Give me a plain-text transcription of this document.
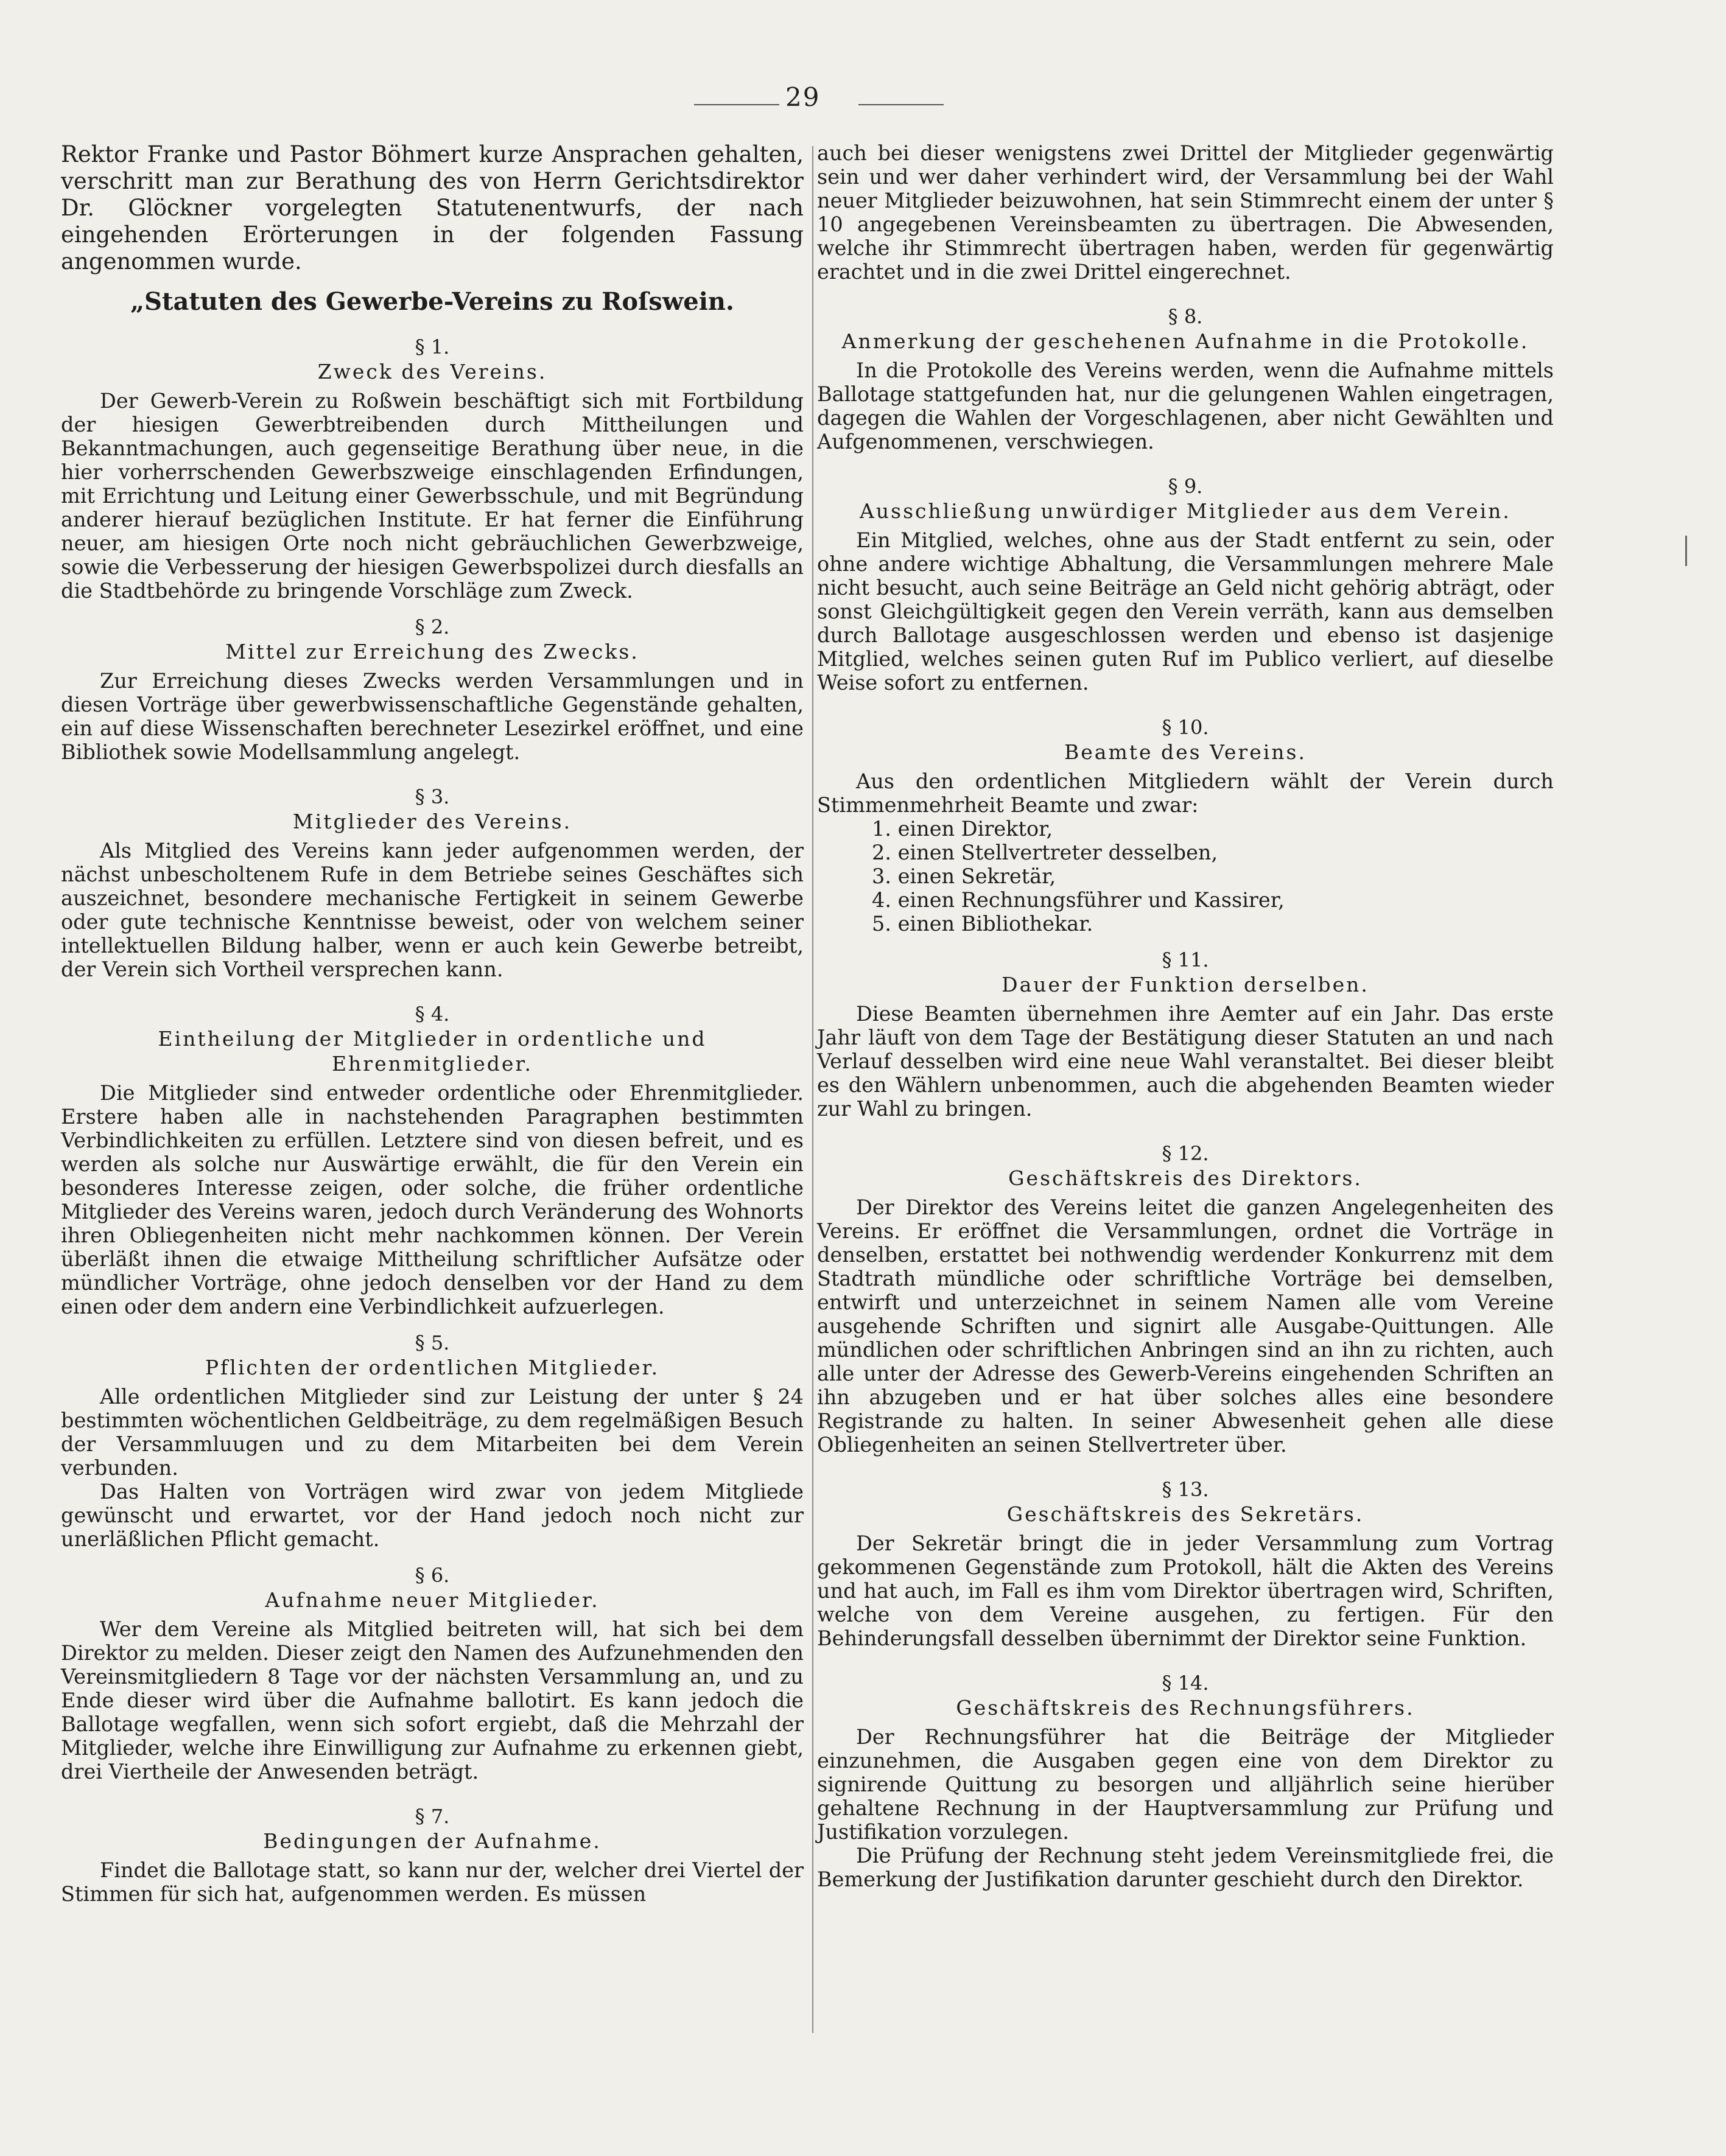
29

Rektor Franke und Pastor Böhmert kurze Ansprachen gehalten, verschritt man zur Berathung des von Herrn Gerichtsdirektor Dr. Glöckner vorgelegten Statutenentwurfs, der nach eingehenden Erörterungen in der folgenden Fassung angenommen wurde.

„Statuten des Gewerbe-Vereins zu Roſswein.
§ 1.
Zweck des Vereins.

Der Gewerb-Verein zu Roßwein beschäftigt sich mit Fortbildung der hiesigen Gewerbtreibenden durch Mittheilungen und Bekanntmachungen, auch gegenseitige Berathung über neue, in die hier vorherrschenden Gewerbszweige einschlagenden Erfindungen, mit Errichtung und Leitung einer Gewerbsschule, und mit Begründung anderer hierauf bezüglichen Institute. Er hat ferner die Einführung neuer, am hiesigen Orte noch nicht gebräuchlichen Gewerbzweige, sowie die Verbesserung der hiesigen Gewerbspolizei durch diesfalls an die Stadtbehörde zu bringende Vorschläge zum Zweck.

§ 2.
Mittel zur Erreichung des Zwecks.

Zur Erreichung dieses Zwecks werden Versammlungen und in diesen Vorträge über gewerbwissenschaftliche Gegenstände gehalten, ein auf diese Wissenschaften berechneter Lesezirkel eröffnet, und eine Bibliothek sowie Modellsammlung angelegt.

§ 3.
Mitglieder des Vereins.

Als Mitglied des Vereins kann jeder aufgenommen werden, der nächst unbescholtenem Rufe in dem Betriebe seines Geschäftes sich auszeichnet, besondere mechanische Fertigkeit in seinem Gewerbe oder gute technische Kenntnisse beweist, oder von welchem seiner intellektuellen Bildung halber, wenn er auch kein Gewerbe betreibt, der Verein sich Vortheil versprechen kann.

§ 4.
Eintheilung der Mitglieder in ordentliche und Ehrenmitglieder.

Die Mitglieder sind entweder ordentliche oder Ehrenmitglieder. Erstere haben alle in nachstehenden Paragraphen bestimmten Verbindlichkeiten zu erfüllen. Letztere sind von diesen befreit, und es werden als solche nur Auswärtige erwählt, die für den Verein ein besonderes Interesse zeigen, oder solche, die früher ordentliche Mitglieder des Vereins waren, jedoch durch Veränderung des Wohnorts ihren Obliegenheiten nicht mehr nachkommen können. Der Verein überläßt ihnen die etwaige Mittheilung schriftlicher Aufsätze oder mündlicher Vorträge, ohne jedoch denselben vor der Hand zu dem einen oder dem andern eine Verbindlichkeit aufzuerlegen.

§ 5.
Pflichten der ordentlichen Mitglieder.

Alle ordentlichen Mitglieder sind zur Leistung der unter § 24 bestimmten wöchentlichen Geldbeiträge, zu dem regelmäßigen Besuch der Versammluugen und zu dem Mitarbeiten bei dem Verein verbunden.

Das Halten von Vorträgen wird zwar von jedem Mitgliede gewünscht und erwartet, vor der Hand jedoch noch nicht zur unerläßlichen Pflicht gemacht.

§ 6.
Aufnahme neuer Mitglieder.

Wer dem Vereine als Mitglied beitreten will, hat sich bei dem Direktor zu melden. Dieser zeigt den Namen des Aufzunehmenden den Vereinsmitgliedern 8 Tage vor der nächsten Versammlung an, und zu Ende dieser wird über die Aufnahme ballotirt. Es kann jedoch die Ballotage wegfallen, wenn sich sofort ergiebt, daß die Mehrzahl der Mitglieder, welche ihre Einwilligung zur Aufnahme zu erkennen giebt, drei Viertheile der Anwesenden beträgt.

§ 7.
Bedingungen der Aufnahme.

Findet die Ballotage statt, so kann nur der, welcher drei Viertel der Stimmen für sich hat, aufgenommen werden. Es müssen

auch bei dieser wenigstens zwei Drittel der Mitglieder gegenwärtig sein und wer daher verhindert wird, der Versammlung bei der Wahl neuer Mitglieder beizuwohnen, hat sein Stimmrecht einem der unter § 10 angegebenen Vereinsbeamten zu übertragen. Die Abwesenden, welche ihr Stimmrecht übertragen haben, werden für gegenwärtig erachtet und in die zwei Drittel eingerechnet.

§ 8.
Anmerkung der geschehenen Aufnahme in die Protokolle.

In die Protokolle des Vereins werden, wenn die Aufnahme mittels Ballotage stattgefunden hat, nur die gelungenen Wahlen eingetragen, dagegen die Wahlen der Vorgeschlagenen, aber nicht Gewählten und Aufgenommenen, verschwiegen.

§ 9.
Ausschließung unwürdiger Mitglieder aus dem Verein.

Ein Mitglied, welches, ohne aus der Stadt entfernt zu sein, oder ohne andere wichtige Abhaltung, die Versammlungen mehrere Male nicht besucht, auch seine Beiträge an Geld nicht gehörig abträgt, oder sonst Gleichgültigkeit gegen den Verein verräth, kann aus demselben durch Ballotage ausgeschlossen werden und ebenso ist dasjenige Mitglied, welches seinen guten Ruf im Publico verliert, auf dieselbe Weise sofort zu entfernen.

§ 10.
Beamte des Vereins.

Aus den ordentlichen Mitgliedern wählt der Verein durch Stimmenmehrheit Beamte und zwar:

1. einen Direktor,
2. einen Stellvertreter desselben,
3. einen Sekretär,
4. einen Rechnungsführer und Kassirer,
5. einen Bibliothekar.
§ 11.
Dauer der Funktion derselben.

Diese Beamten übernehmen ihre Aemter auf ein Jahr. Das erste Jahr läuft von dem Tage der Bestätigung dieser Statuten an und nach Verlauf desselben wird eine neue Wahl veranstaltet. Bei dieser bleibt es den Wählern unbenommen, auch die abgehenden Beamten wieder zur Wahl zu bringen.

§ 12.
Geschäftskreis des Direktors.

Der Direktor des Vereins leitet die ganzen Angelegenheiten des Vereins. Er eröffnet die Versammlungen, ordnet die Vorträge in denselben, erstattet bei nothwendig werdender Konkurrenz mit dem Stadtrath mündliche oder schriftliche Vorträge bei demselben, entwirft und unterzeichnet in seinem Namen alle vom Vereine ausgehende Schriften und signirt alle Ausgabe-Quittungen. Alle mündlichen oder schriftlichen Anbringen sind an ihn zu richten, auch alle unter der Adresse des Gewerb-Vereins eingehenden Schriften an ihn abzugeben und er hat über solches alles eine besondere Registrande zu halten. In seiner Abwesenheit gehen alle diese Obliegenheiten an seinen Stellvertreter über.

§ 13.
Geschäftskreis des Sekretärs.

Der Sekretär bringt die in jeder Versammlung zum Vortrag gekommenen Gegenstände zum Protokoll, hält die Akten des Vereins und hat auch, im Fall es ihm vom Direktor übertragen wird, Schriften, welche von dem Vereine ausgehen, zu fertigen. Für den Behinderungsfall desselben übernimmt der Direktor seine Funktion.

§ 14.
Geschäftskreis des Rechnungsführers.

Der Rechnungsführer hat die Beiträge der Mitglieder einzunehmen, die Ausgaben gegen eine von dem Direktor zu signirende Quittung zu besorgen und alljährlich seine hierüber gehaltene Rechnung in der Hauptversammlung zur Prüfung und Justifikation vorzulegen.

Die Prüfung der Rechnung steht jedem Vereinsmitgliede frei, die Bemerkung der Justifikation darunter geschieht durch den Direktor.
